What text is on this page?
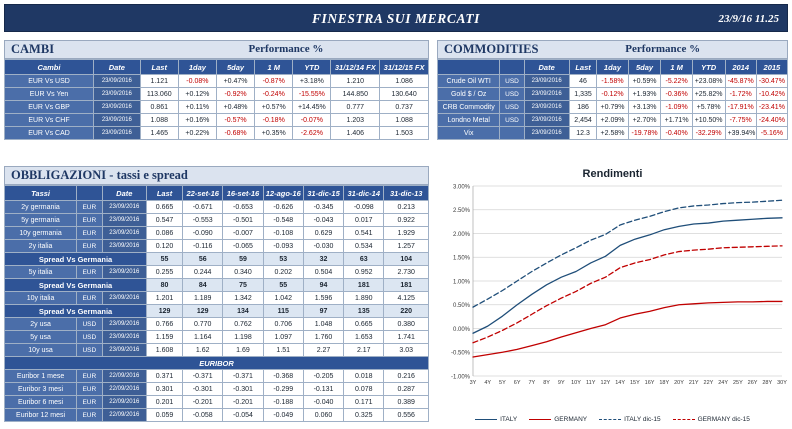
FINESTRA SUI MERCATI	23/9/16 11.25
CAMBI	Performance %
Cambi	Date	Last	1day	5day	1 M	YTD	31/12/14 FX	31/12/15 FX
EUR Vs USD	23/09/2016	1.121	-0.08%	+0.47%	-0.87%	+3.18%	1.210	1.086
EUR Vs Yen	23/09/2016	113.060	+0.12%	-0.92%	-0.24%	-15.55%	144.850	130.640
EUR Vs GBP	23/09/2016	0.861	+0.11%	+0.48%	+0.57%	+14.45%	0.777	0.737
EUR Vs CHF	23/09/2016	1.088	+0.16%	-0.57%	-0.18%	-0.07%	1.203	1.088
EUR Vs CAD	23/09/2016	1.465	+0.22%	-0.68%	+0.35%	-2.62%	1.406	1.503
COMMODITIES	Performance %
		Date	Last	1day	5day	1 M	YTD	2014	2015
Crude Oil WTI	USD	23/09/2016	46	-1.58%	+0.59%	-5.22%	+23.08%	-45.87%	-30.47%
Gold $ / Oz	USD	23/09/2016	1,335	-0.12%	+1.93%	-0.36%	+25.82%	-1.72%	-10.42%
CRB Commodity	USD	23/09/2016	186	+0.79%	+3.13%	-1.09%	+5.78%	-17.91%	-23.41%
Londno Metal	USD	23/09/2016	2,454	+2.09%	+2.70%	+1.71%	+10.50%	-7.75%	-24.40%
Vix		23/09/2016	12.3	+2.58%	-19.78%	-0.40%	-32.29%	+39.94%	-5.16%
OBBLIGAZIONI - tassi e spread
Tassi		Date	Last	22-set-16	16-set-16	12-ago-16	31-dic-15	31-dic-14	31-dic-13
2y germania	EUR	23/09/2016	0.665	-0.671	-0.653	-0.626	-0.345	-0.098	0.213
5y germania	EUR	23/09/2016	0.547	-0.553	-0.501	-0.548	-0.043	0.017	0.922
10y germania	EUR	23/09/2016	0.086	-0.090	-0.007	-0.108	0.629	0.541	1.929
2y italia	EUR	23/09/2016	0.120	-0.116	-0.065	-0.093	-0.030	0.534	1.257
Spread Vs Germania			55	56	59	53	32	63	104
5y italia	EUR	23/09/2016	0.255	0.244	0.340	0.202	0.504	0.952	2.730
Spread Vs Germania			80	84	75	55	94	181	181
10y italia	EUR	23/09/2016	1.201	1.189	1.342	1.042	1.596	1.890	4.125
Spread Vs Germania			129	129	134	115	97	135	220
2y usa	USD	23/09/2016	0.766	0.770	0.762	0.706	1.048	0.665	0.380
5y usa	USD	23/09/2016	1.159	1.164	1.198	1.097	1.760	1.653	1.741
10y usa	USD	23/09/2016	1.608	1.62	1.69	1.51	2.27	2.17	3.03
EURIBOR									
Euribor 1 mese	EUR	22/09/2016	0.371	-0.371	-0.371	-0.368	-0.205	0.018	0.216
Euribor 3 mesi	EUR	22/09/2016	0.301	-0.301	-0.301	-0.299	-0.131	0.078	0.287
Euribor 6 mesi	EUR	22/09/2016	0.201	-0.201	-0.201	-0.188	-0.040	0.171	0.389
Euribor 12 mesi	EUR	22/09/2016	0.059	-0.058	-0.054	-0.049	0.060	0.325	0.556
Rendimenti
-1.00%
-0.50%
0.00%
0.50%
1.00%
1.50%
2.00%
2.50%
3.00%
3Y 4Y 5Y 6Y 7Y 8Y 9Y 10Y 11Y 12Y 14Y 15Y 16Y 18Y 20Y 21Y 22Y 24Y 25Y 26Y 28Y 30Y
ITALY	GERMANY	ITALY dic-15	GERMANY dic-15
